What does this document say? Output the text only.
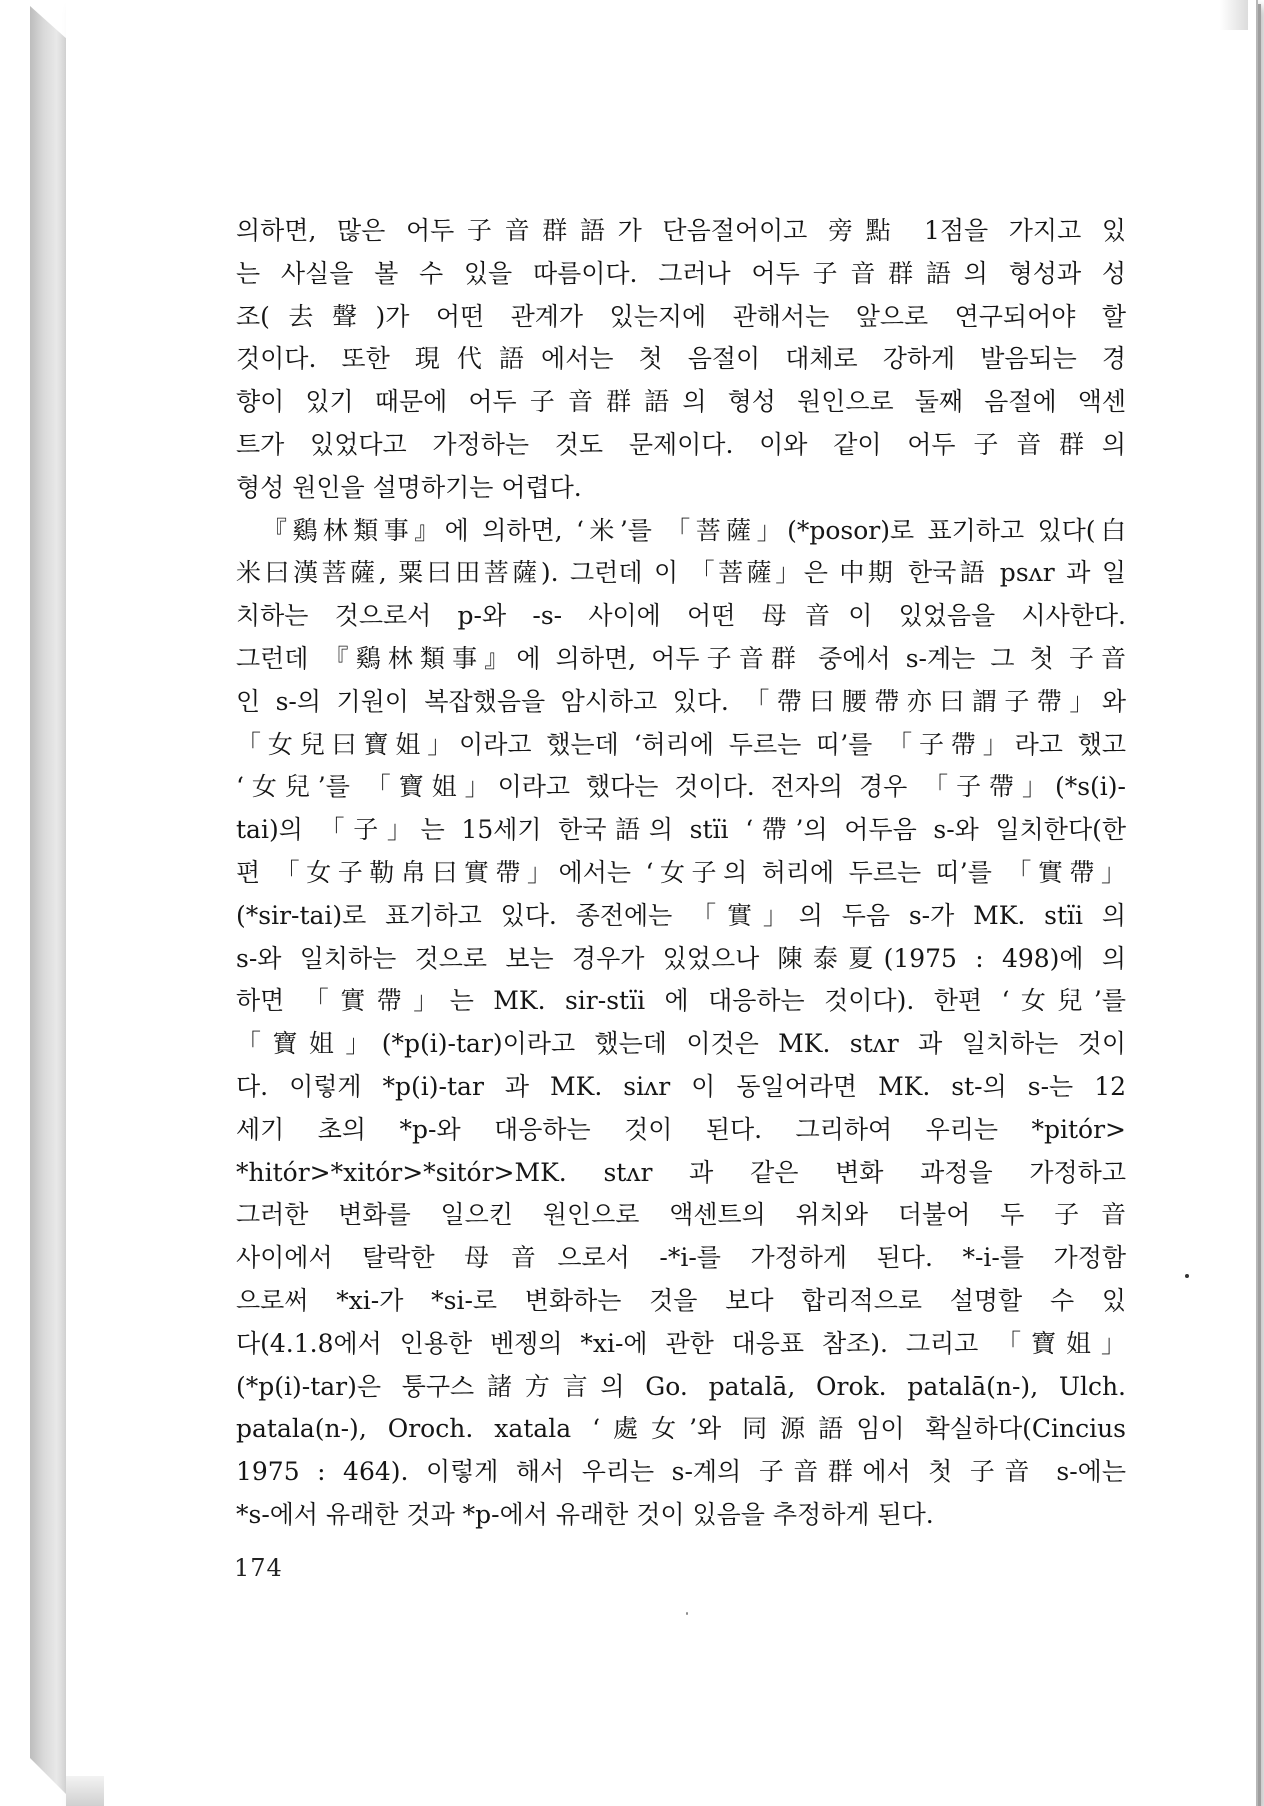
의하면, 많은 어두子音群語가 단음절어이고 旁點 1점을 가지고 있
는 사실을 볼 수 있을 따름이다. 그러나 어두子音群語의 형성과 성
조(去聲)가 어떤 관계가 있는지에 관해서는 앞으로 연구되어야 할
것이다. 또한 現代語에서는 첫 음절이 대체로 강하게 발음되는 경
향이 있기 때문에 어두子音群語의 형성 원인으로 둘째 음절에 액센
트가 있었다고 가정하는 것도 문제이다. 이와 같이 어두子音群의
형성 원인을 설명하기는 어렵다.
『鷄林類事』에 의하면, ‘米’를 「菩薩」(*posor)로 표기하고 있다(白
米曰漢菩薩, 粟曰田菩薩). 그런데 이 「菩薩」은 中期 한국語 psʌr 과 일
치하는 것으로서 p-와 -s- 사이에 어떤 母音이 있었음을 시사한다.
그런데 『鷄林類事』에 의하면, 어두子音群 중에서 s-계는 그 첫 子音
인 s-의 기원이 복잡했음을 암시하고 있다. 「帶曰腰帶亦曰謂子帶」와
「女兒曰寶姐」이라고 했는데 ‘허리에 두르는 띠’를 「子帶」라고 했고
‘女兒’를 「寶姐」이라고 했다는 것이다. 전자의 경우 「子帶」(*s(i)-
tai)의 「子」는 15세기 한국語의 stïi ‘帶’의 어두음 s-와 일치한다(한
편 「女子勒帛曰實帶」에서는 ‘女子의 허리에 두르는 띠’를 「實帶」
(*sir-tai)로 표기하고 있다. 종전에는 「實」의 두음 s-가 MK. stïi 의
s-와 일치하는 것으로 보는 경우가 있었으나 陳泰夏(1975 : 498)에 의
하면 「實帶」는 MK. sir-stïi 에 대응하는 것이다). 한편 ‘女兒’를
「寶姐」(*p(i)-tar)이라고 했는데 이것은 MK. stʌr 과 일치하는 것이
다. 이렇게 *p(i)-tar 과 MK. siʌr 이 동일어라면 MK. st-의 s-는 12
세기 초의 *p-와 대응하는 것이 된다. 그리하여 우리는 *pitór>
*hitór>*xitór>*sitór>MK. stʌr 과 같은 변화 과정을 가정하고
그러한 변화를 일으킨 원인으로 액센트의 위치와 더불어 두 子音
사이에서 탈락한 母音으로서 -*i-를 가정하게 된다. *-i-를 가정함
으로써 *xi-가 *si-로 변화하는 것을 보다 합리적으로 설명할 수 있
다(4.1.8에서 인용한 벤젱의 *xi-에 관한 대응표 참조). 그리고 「寶姐」
(*p(i)-tar)은 퉁구스諸方言의 Go. patalā, Orok. patalā(n-), Ulch.
patala(n-), Oroch. xatala ‘處女’와 同源語임이 확실하다(Cincius
1975 : 464). 이렇게 해서 우리는 s-계의 子音群에서 첫 子音 s-에는
*s-에서 유래한 것과 *p-에서 유래한 것이 있음을 추정하게 된다.
174
